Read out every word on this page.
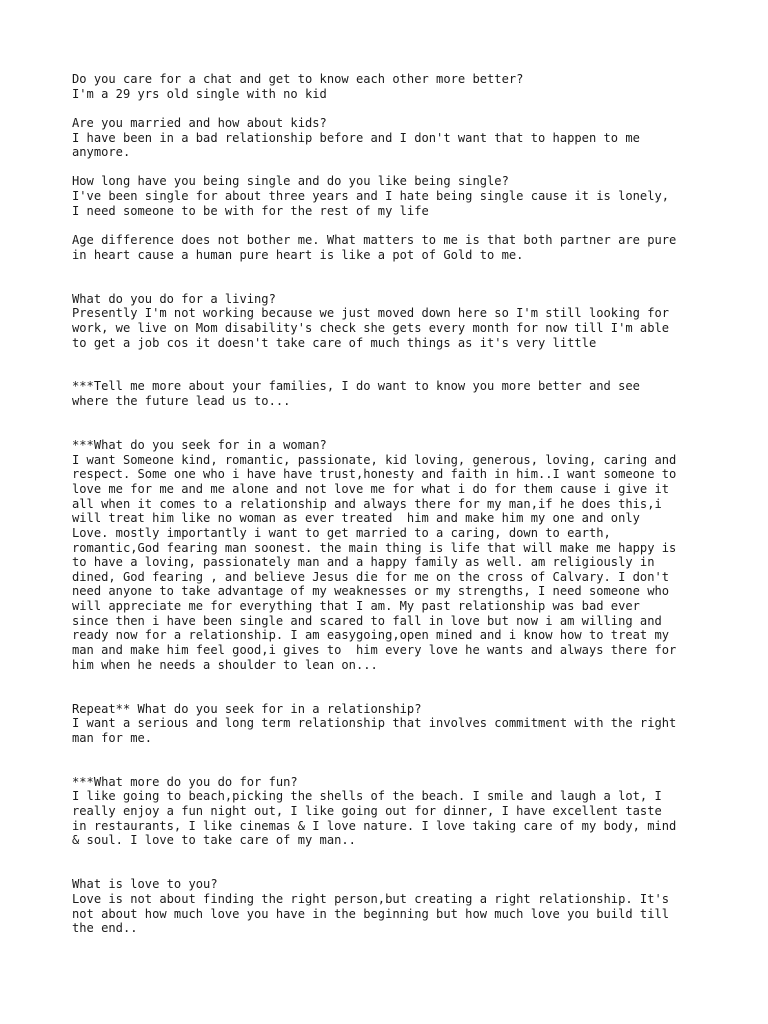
Do you care for a chat and get to know each other more better?
I'm a 29 yrs old single with no kid
Are you married and how about kids?
I have been in a bad relationship before and I don't want that to happen to me
anymore.
How long have you being single and do you like being single?
I've been single for about three years and I hate being single cause it is lonely,
I need someone to be with for the rest of my life
Age difference does not bother me. What matters to me is that both partner are pure
in heart cause a human pure heart is like a pot of Gold to me.
What do you do for a living?
Presently I'm not working because we just moved down here so I'm still looking for
work, we live on Mom disability's check she gets every month for now till I'm able
to get a job cos it doesn't take care of much things as it's very little
***Tell me more about your families, I do want to know you more better and see
where the future lead us to...
***What do you seek for in a woman?
I want Someone kind, romantic, passionate, kid loving, generous, loving, caring and
respect. Some one who i have have trust,honesty and faith in him..I want someone to
love me for me and me alone and not love me for what i do for them cause i give it
all when it comes to a relationship and always there for my man,if he does this,i
will treat him like no woman as ever treated  him and make him my one and only
Love. mostly importantly i want to get married to a caring, down to earth,
romantic,God fearing man soonest. the main thing is life that will make me happy is
to have a loving, passionately man and a happy family as well. am religiously in
dined, God fearing , and believe Jesus die for me on the cross of Calvary. I don't
need anyone to take advantage of my weaknesses or my strengths, I need someone who
will appreciate me for everything that I am. My past relationship was bad ever
since then i have been single and scared to fall in love but now i am willing and
ready now for a relationship. I am easygoing,open mined and i know how to treat my
man and make him feel good,i gives to  him every love he wants and always there for
him when he needs a shoulder to lean on...
Repeat** What do you seek for in a relationship?
I want a serious and long term relationship that involves commitment with the right
man for me.
***What more do you do for fun?
I like going to beach,picking the shells of the beach. I smile and laugh a lot, I
really enjoy a fun night out, I like going out for dinner, I have excellent taste
in restaurants, I like cinemas & I love nature. I love taking care of my body, mind
& soul. I love to take care of my man..
What is love to you?
Love is not about finding the right person,but creating a right relationship. It's
not about how much love you have in the beginning but how much love you build till
the end..
